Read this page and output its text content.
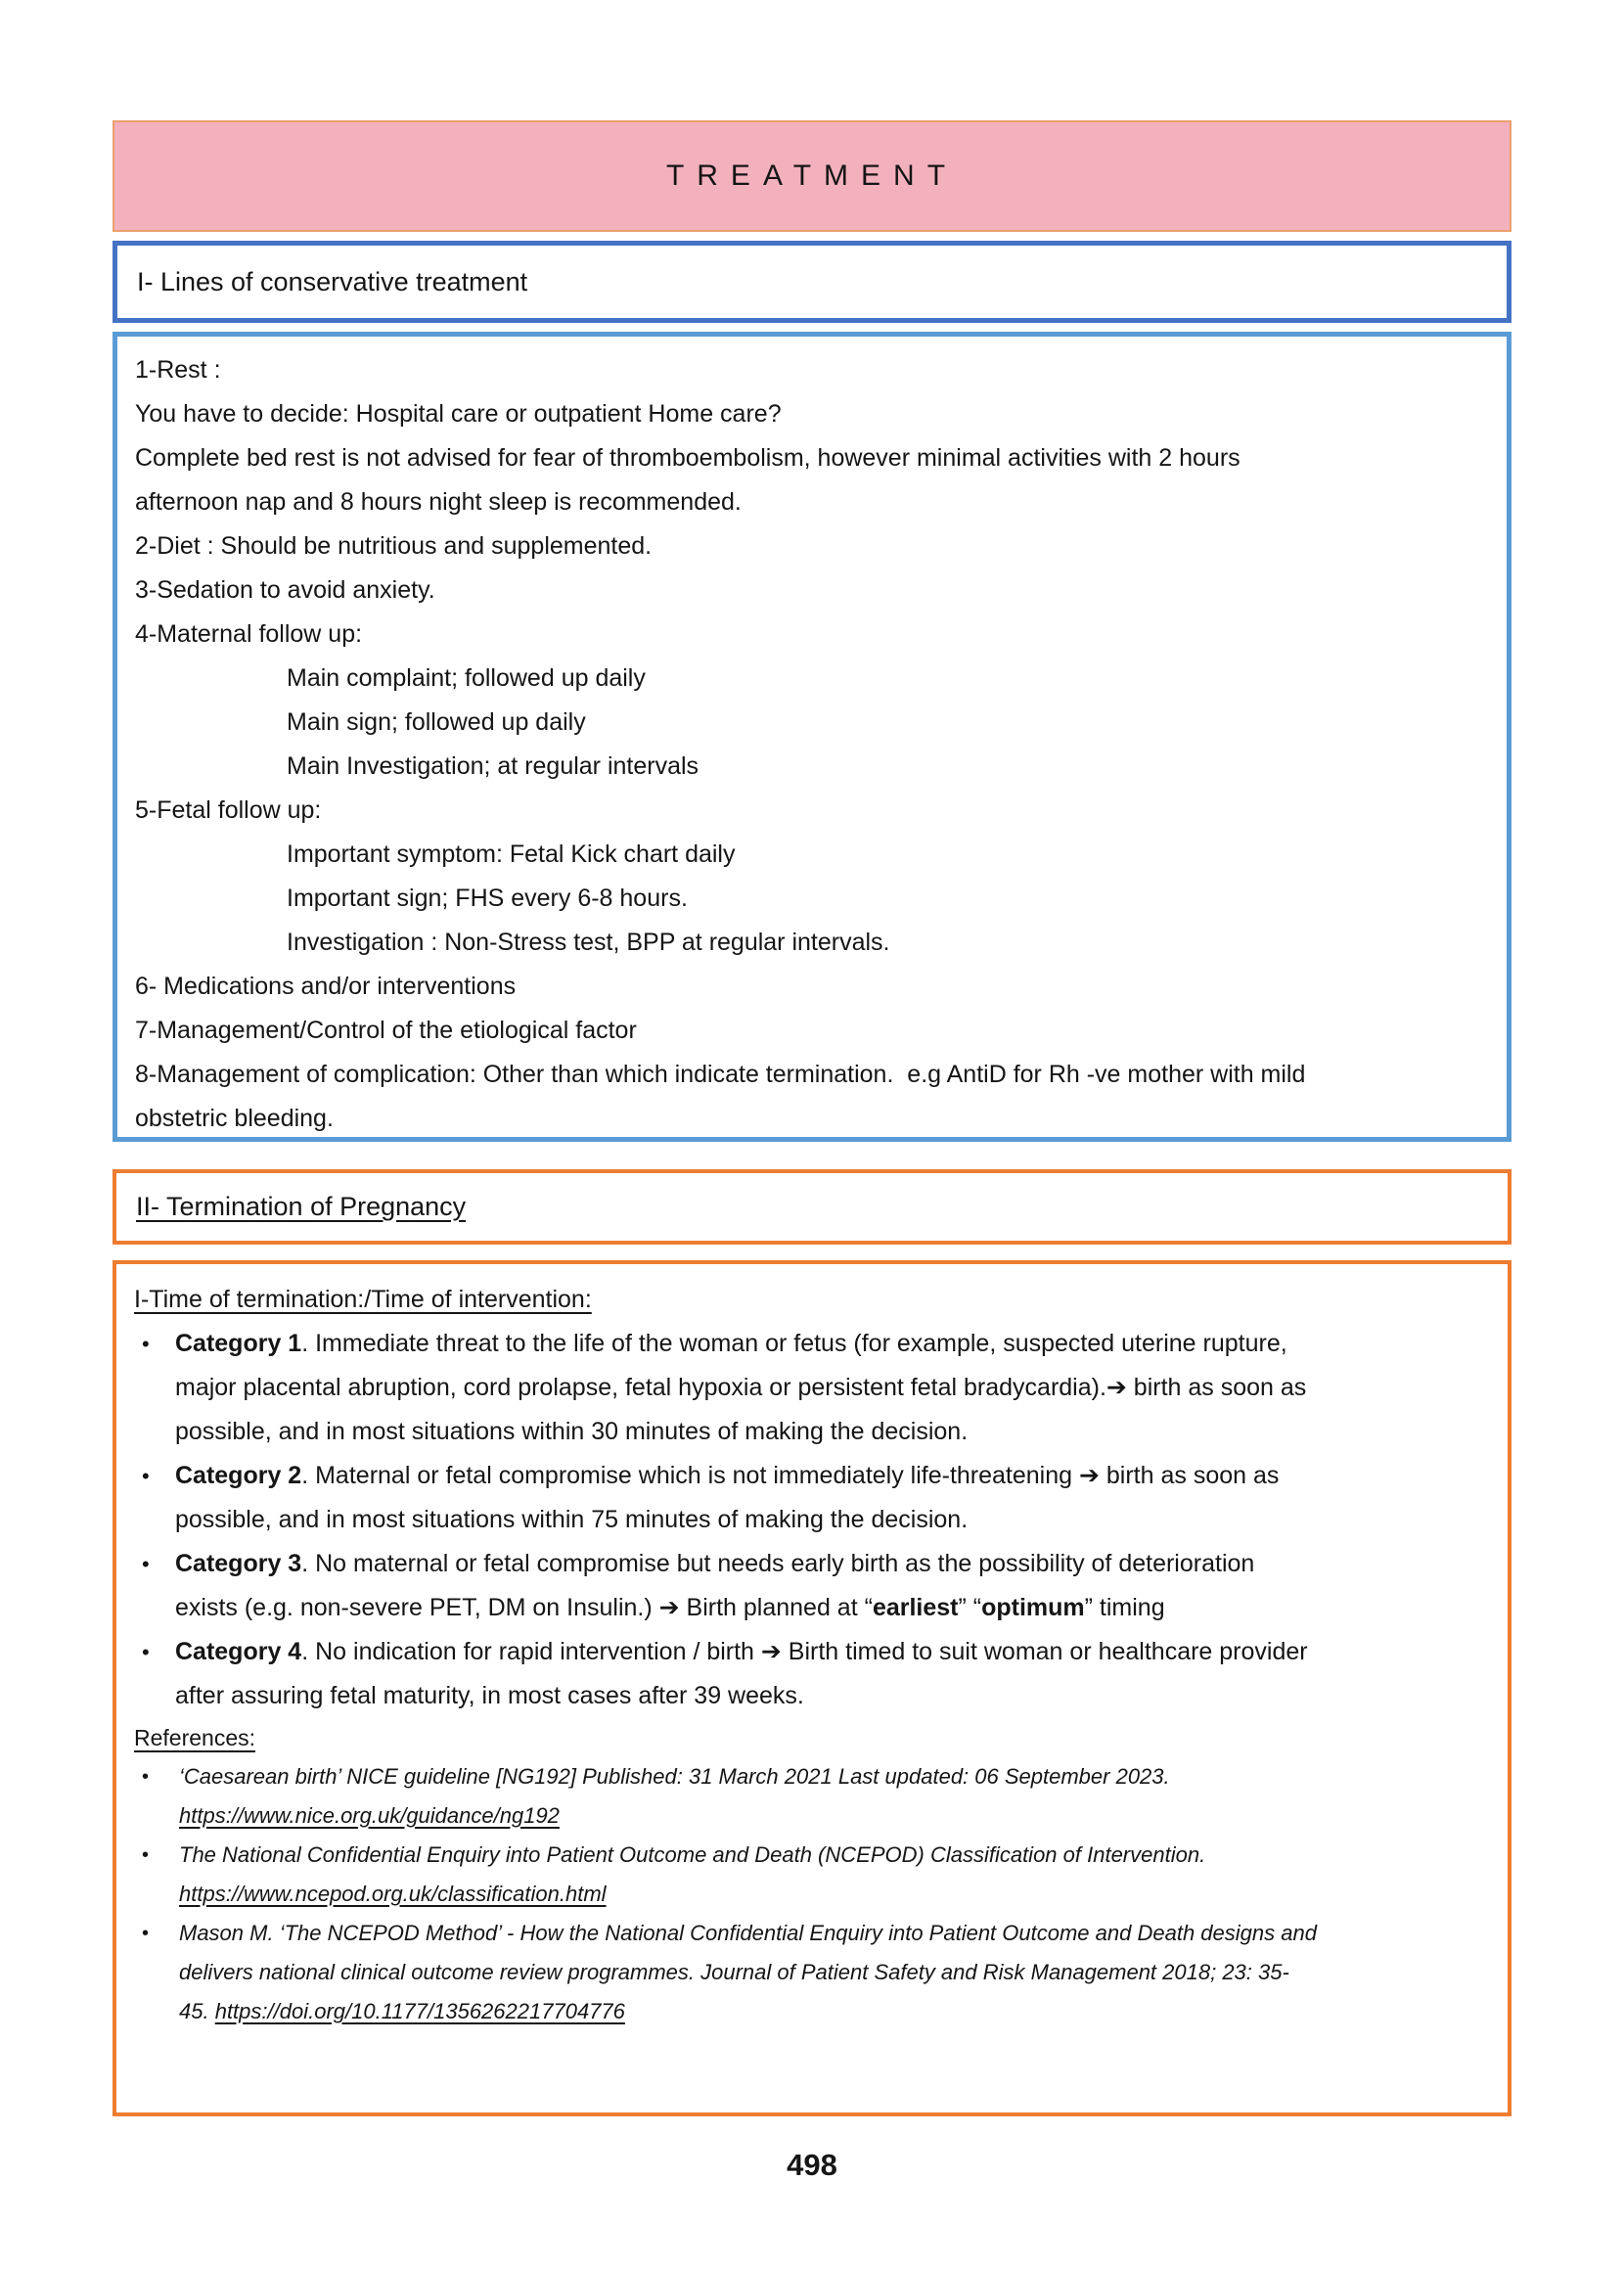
TREATMENT
I- Lines of conservative treatment
1-Rest :
You have to decide: Hospital care or outpatient Home care?
Complete bed rest is not advised for fear of thromboembolism, however minimal activities with 2 hours
afternoon nap and 8 hours night sleep is recommended.
2-Diet : Should be nutritious and supplemented.
3-Sedation to avoid anxiety.
4-Maternal follow up:
Main complaint; followed up daily
Main sign; followed up daily
Main Investigation; at regular intervals
5-Fetal follow up:
Important symptom: Fetal Kick chart daily
Important sign; FHS every 6-8 hours.
Investigation : Non-Stress test, BPP at regular intervals.
6- Medications and/or interventions
7-Management/Control of the etiological factor
8-Management of complication: Other than which indicate termination.  e.g AntiD for Rh -ve mother with mild
obstetric bleeding.
II- Termination of Pregnancy
I-Time of termination:/Time of intervention:
• Category 1. Immediate threat to the life of the woman or fetus (for example, suspected uterine rupture,
major placental abruption, cord prolapse, fetal hypoxia or persistent fetal bradycardia).➔ birth as soon as
possible, and in most situations within 30 minutes of making the decision.
• Category 2. Maternal or fetal compromise which is not immediately life-threatening ➔ birth as soon as
possible, and in most situations within 75 minutes of making the decision.
• Category 3. No maternal or fetal compromise but needs early birth as the possibility of deterioration
exists (e.g. non-severe PET, DM on Insulin.) ➔ Birth planned at “earliest” “optimum” timing
• Category 4. No indication for rapid intervention / birth ➔ Birth timed to suit woman or healthcare provider
after assuring fetal maturity, in most cases after 39 weeks.
References:
• ‘Caesarean birth’ NICE guideline [NG192] Published: 31 March 2021 Last updated: 06 September 2023.
https://www.nice.org.uk/guidance/ng192
• The National Confidential Enquiry into Patient Outcome and Death (NCEPOD) Classification of Intervention.
https://www.ncepod.org.uk/classification.html
• Mason M. ‘The NCEPOD Method’ - How the National Confidential Enquiry into Patient Outcome and Death designs and
delivers national clinical outcome review programmes. Journal of Patient Safety and Risk Management 2018; 23: 35-
45. https://doi.org/10.1177/1356262217704776
498
